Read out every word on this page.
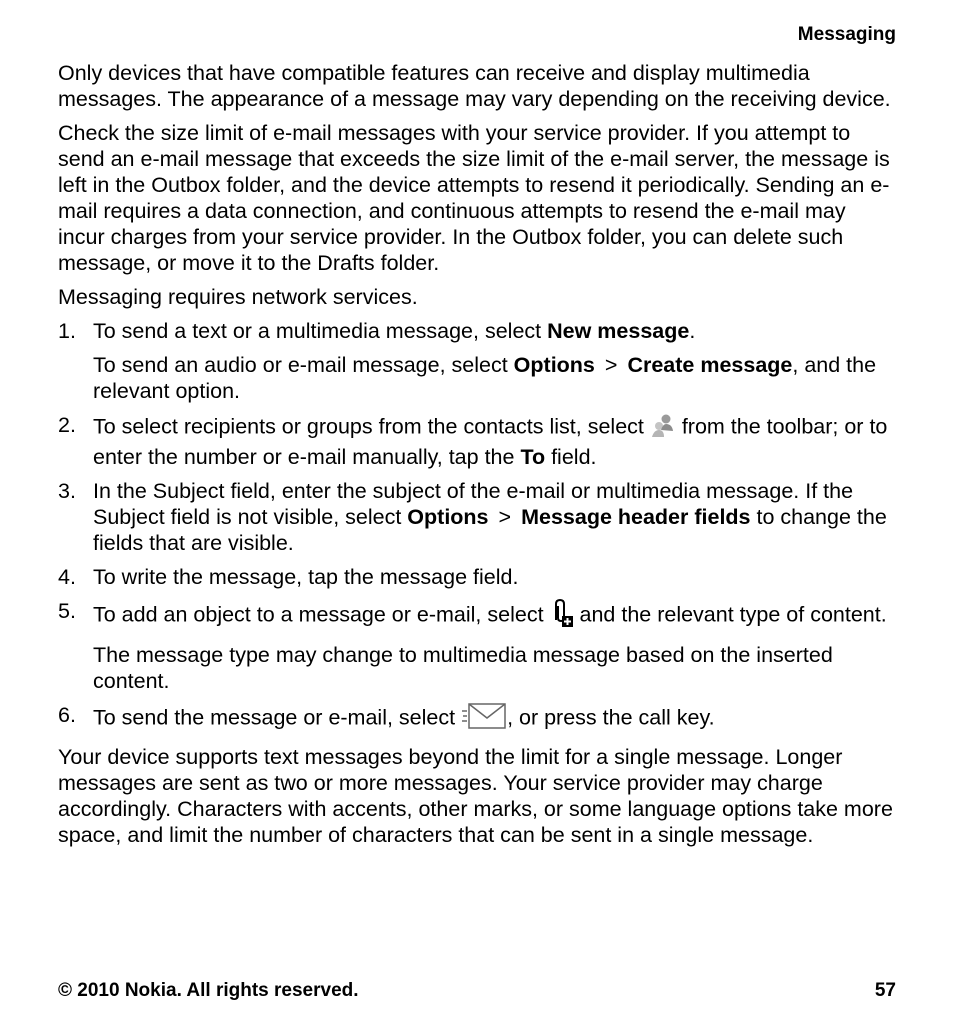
Messaging

Only devices that have compatible features can receive and display multimedia messages. The appearance of a message may vary depending on the receiving device.

Check the size limit of e-mail messages with your service provider. If you attempt to send an e-mail message that exceeds the size limit of the e-mail server, the message is left in the Outbox folder, and the device attempts to resend it periodically. Sending an e-mail requires a data connection, and continuous attempts to resend the e-mail may incur charges from your service provider. In the Outbox folder, you can delete such message, or move it to the Drafts folder.

Messaging requires network services.

1. To send a text or a multimedia message, select New message.
To send an audio or e-mail message, select Options > Create message, and the relevant option.
2. To select recipients or groups from the contacts list, select  from the toolbar; or to enter the number or e-mail manually, tap the To field.
3. In the Subject field, enter the subject of the e-mail or multimedia message. If the Subject field is not visible, select Options > Message header fields to change the fields that are visible.
4. To write the message, tap the message field.
5. To add an object to a message or e-mail, select  and the relevant type of content.
The message type may change to multimedia message based on the inserted content.
6. To send the message or e-mail, select , or press the call key.

Your device supports text messages beyond the limit for a single message. Longer messages are sent as two or more messages. Your service provider may charge accordingly. Characters with accents, other marks, or some language options take more space, and limit the number of characters that can be sent in a single message.

© 2010 Nokia. All rights reserved.	57
